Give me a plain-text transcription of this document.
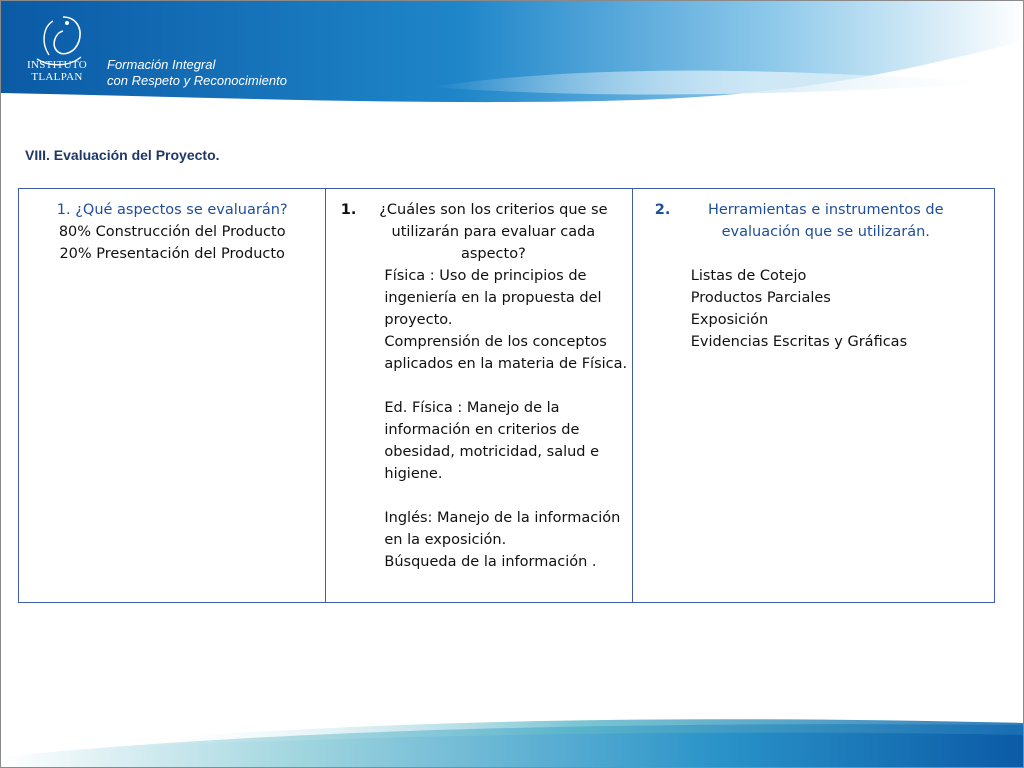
INSTITUTO
TLALPAN
Formación Integral
con Respeto y Reconocimiento
VIII. Evaluación del Proyecto.
1. ¿Qué aspectos se evaluarán?
80% Construcción del Producto
20% Presentación del Producto
1.	¿Cuáles son los criterios que se utilizarán para evaluar cada aspecto?

Física : Uso de principios de ingeniería en la propuesta del proyecto.

Comprensión de los conceptos aplicados en la materia de Física.

Ed. Física : Manejo de la información en criterios de obesidad, motricidad, salud e higiene.

Inglés: Manejo de la información en la exposición.

Búsqueda de la información .

2.	Herramientas e instrumentos de evaluación que se utilizarán.
Listas de Cotejo
Productos Parciales
Exposición
Evidencias Escritas y Gráficas
